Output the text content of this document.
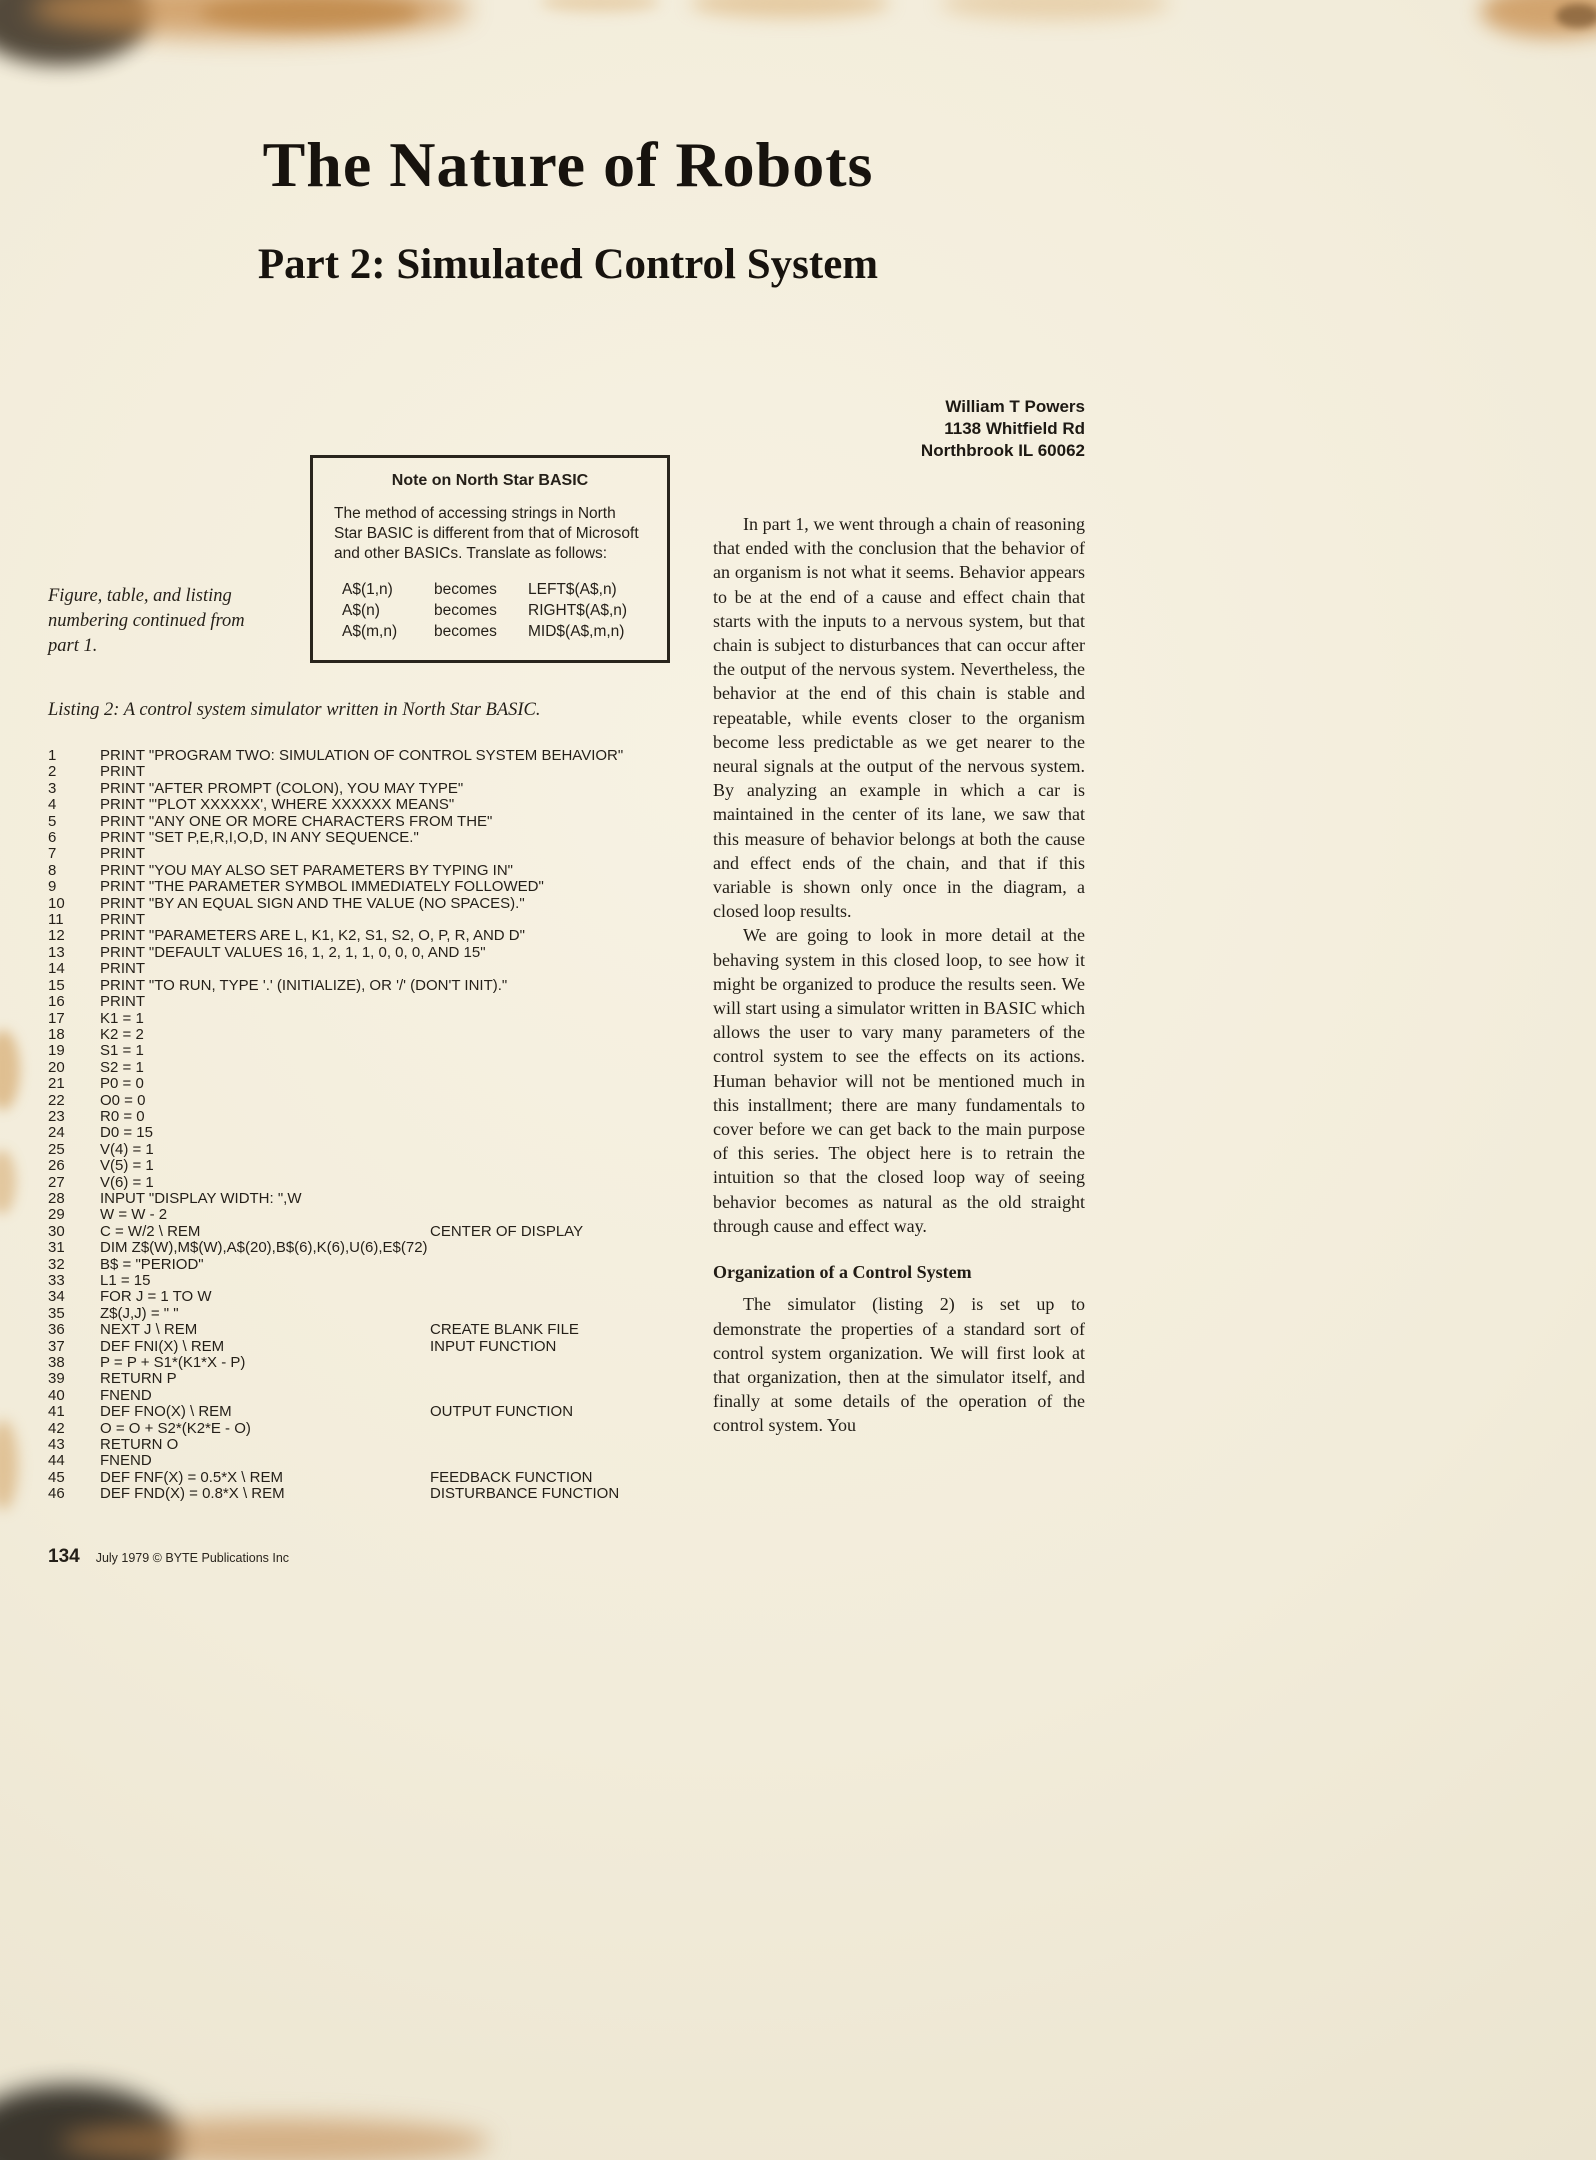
The Nature of Robots
Part 2: Simulated Control System
William T Powers
1138 Whitfield Rd
Northbrook IL 60062
Note on North Star BASIC
The method of accessing strings in North Star BASIC is different from that of Microsoft and other BASICs. Translate as follows:
A$(1,n)	becomes	LEFT$(A$,n)
A$(n)	becomes	RIGHT$(A$,n)
A$(m,n)	becomes	MID$(A$,m,n)
Figure, table, and listing numbering continued from part 1.
Listing 2: A control system simulator written in North Star BASIC.
1	PRINT "PROGRAM TWO: SIMULATION OF CONTROL SYSTEM BEHAVIOR"
2	PRINT
3	PRINT "AFTER PROMPT (COLON), YOU MAY TYPE"
4	PRINT "'PLOT XXXXXX', WHERE XXXXXX MEANS"
5	PRINT "ANY ONE OR MORE CHARACTERS FROM THE"
6	PRINT "SET P,E,R,I,O,D, IN ANY SEQUENCE."
7	PRINT
8	PRINT "YOU MAY ALSO SET PARAMETERS BY TYPING IN"
9	PRINT "THE PARAMETER SYMBOL IMMEDIATELY FOLLOWED"
10	PRINT "BY AN EQUAL SIGN AND THE VALUE (NO SPACES)."
11	PRINT
12	PRINT "PARAMETERS ARE L, K1, K2, S1, S2, O, P, R, AND D"
13	PRINT "DEFAULT VALUES 16, 1, 2, 1, 1, 0, 0, 0, AND 15"
14	PRINT
15	PRINT "TO RUN, TYPE '.' (INITIALIZE), OR '/' (DON'T INIT)."
16	PRINT
17	K1 = 1
18	K2 = 2
19	S1 = 1
20	S2 = 1
21	P0 = 0
22	O0 = 0
23	R0 = 0
24	D0 = 15
25	V(4) = 1
26	V(5) = 1
27	V(6) = 1
28	INPUT "DISPLAY WIDTH: ",W
29	W = W - 2
30	C = W/2 \ REM	CENTER OF DISPLAY
31	DIM Z$(W),M$(W),A$(20),B$(6),K(6),U(6),E$(72)
32	B$ = "PERIOD"
33	L1 = 15
34	FOR J = 1 TO W
35	Z$(J,J) = " "
36	NEXT J \ REM	CREATE BLANK FILE
37	DEF FNI(X) \ REM	INPUT FUNCTION
38	P = P + S1*(K1*X - P)
39	RETURN P
40	FNEND
41	DEF FNO(X) \ REM	OUTPUT FUNCTION
42	O = O + S2*(K2*E - O)
43	RETURN O
44	FNEND
45	DEF FNF(X) = 0.5*X \ REM	FEEDBACK FUNCTION
46	DEF FND(X) = 0.8*X \ REM	DISTURBANCE FUNCTION

In part 1, we went through a chain of reasoning that ended with the conclusion that the behavior of an organism is not what it seems. Behavior appears to be at the end of a cause and effect chain that starts with the inputs to a nervous system, but that chain is subject to disturbances that can occur after the output of the nervous system. Nevertheless, the behavior at the end of this chain is stable and repeatable, while events closer to the organism become less predictable as we get nearer to the neural signals at the output of the nervous system. By analyzing an example in which a car is maintained in the center of its lane, we saw that this measure of behavior belongs at both the cause and effect ends of the chain, and that if this variable is shown only once in the diagram, a closed loop results.

We are going to look in more detail at the behaving system in this closed loop, to see how it might be organized to produce the results seen. We will start using a simulator written in BASIC which allows the user to vary many parameters of the control system to see the effects on its actions. Human behavior will not be mentioned much in this installment; there are many fundamentals to cover before we can get back to the main purpose of this series. The object here is to retrain the intuition so that the closed loop way of seeing behavior becomes as natural as the old straight through cause and effect way.

Organization of a Control System

The simulator (listing 2) is set up to demonstrate the properties of a standard sort of control system organization. We will first look at that organization, then at the simulator itself, and finally at some details of the operation of the control system. You

134 July 1979 © BYTE Publications Inc
